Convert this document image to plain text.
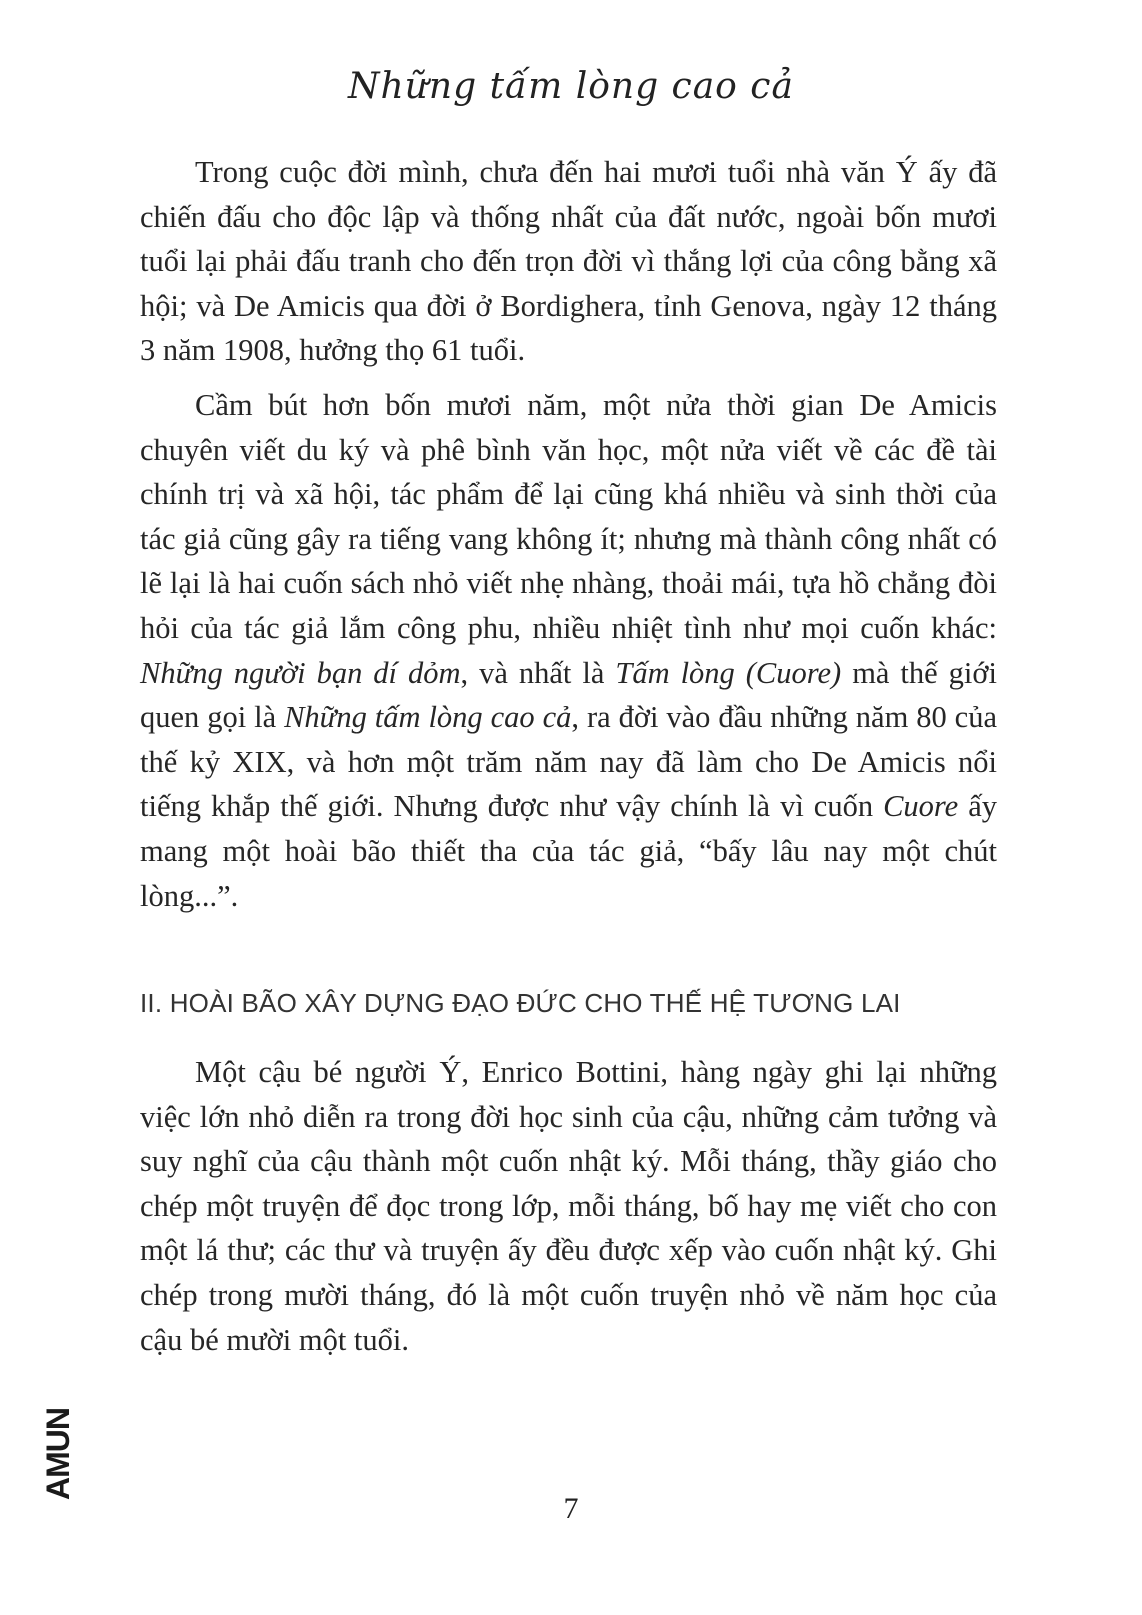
Những tấm lòng cao cả

Trong cuộc đời mình, chưa đến hai mươi tuổi nhà văn Ý ấy đã chiến đấu cho độc lập và thống nhất của đất nước, ngoài bốn mươi tuổi lại phải đấu tranh cho đến trọn đời vì thắng lợi của công bằng xã hội; và De Amicis qua đời ở Bordighera, tỉnh Genova, ngày 12 tháng 3 năm 1908, hưởng thọ 61 tuổi.

Cầm bút hơn bốn mươi năm, một nửa thời gian De Amicis chuyên viết du ký và phê bình văn học, một nửa viết về các đề tài chính trị và xã hội, tác phẩm để lại cũng khá nhiều và sinh thời của tác giả cũng gây ra tiếng vang không ít; nhưng mà thành công nhất có lẽ lại là hai cuốn sách nhỏ viết nhẹ nhàng, thoải mái, tựa hồ chẳng đòi hỏi của tác giả lắm công phu, nhiều nhiệt tình như mọi cuốn khác: Những người bạn dí dỏm, và nhất là Tấm lòng (Cuore) mà thế giới quen gọi là Những tấm lòng cao cả, ra đời vào đầu những năm 80 của thế kỷ XIX, và hơn một trăm năm nay đã làm cho De Amicis nổi tiếng khắp thế giới. Nhưng được như vậy chính là vì cuốn Cuore ấy mang một hoài bão thiết tha của tác giả, “bấy lâu nay một chút lòng...”.

II. HOÀI BÃO XÂY DỰNG ĐẠO ĐỨC CHO THẾ HỆ TƯƠNG LAI

Một cậu bé người Ý, Enrico Bottini, hàng ngày ghi lại những việc lớn nhỏ diễn ra trong đời học sinh của cậu, những cảm tưởng và suy nghĩ của cậu thành một cuốn nhật ký. Mỗi tháng, thầy giáo cho chép một truyện để đọc trong lớp, mỗi tháng, bố hay mẹ viết cho con một lá thư; các thư và truyện ấy đều được xếp vào cuốn nhật ký. Ghi chép trong mười tháng, đó là một cuốn truyện nhỏ về năm học của cậu bé mười một tuổi.

AMUN
7
